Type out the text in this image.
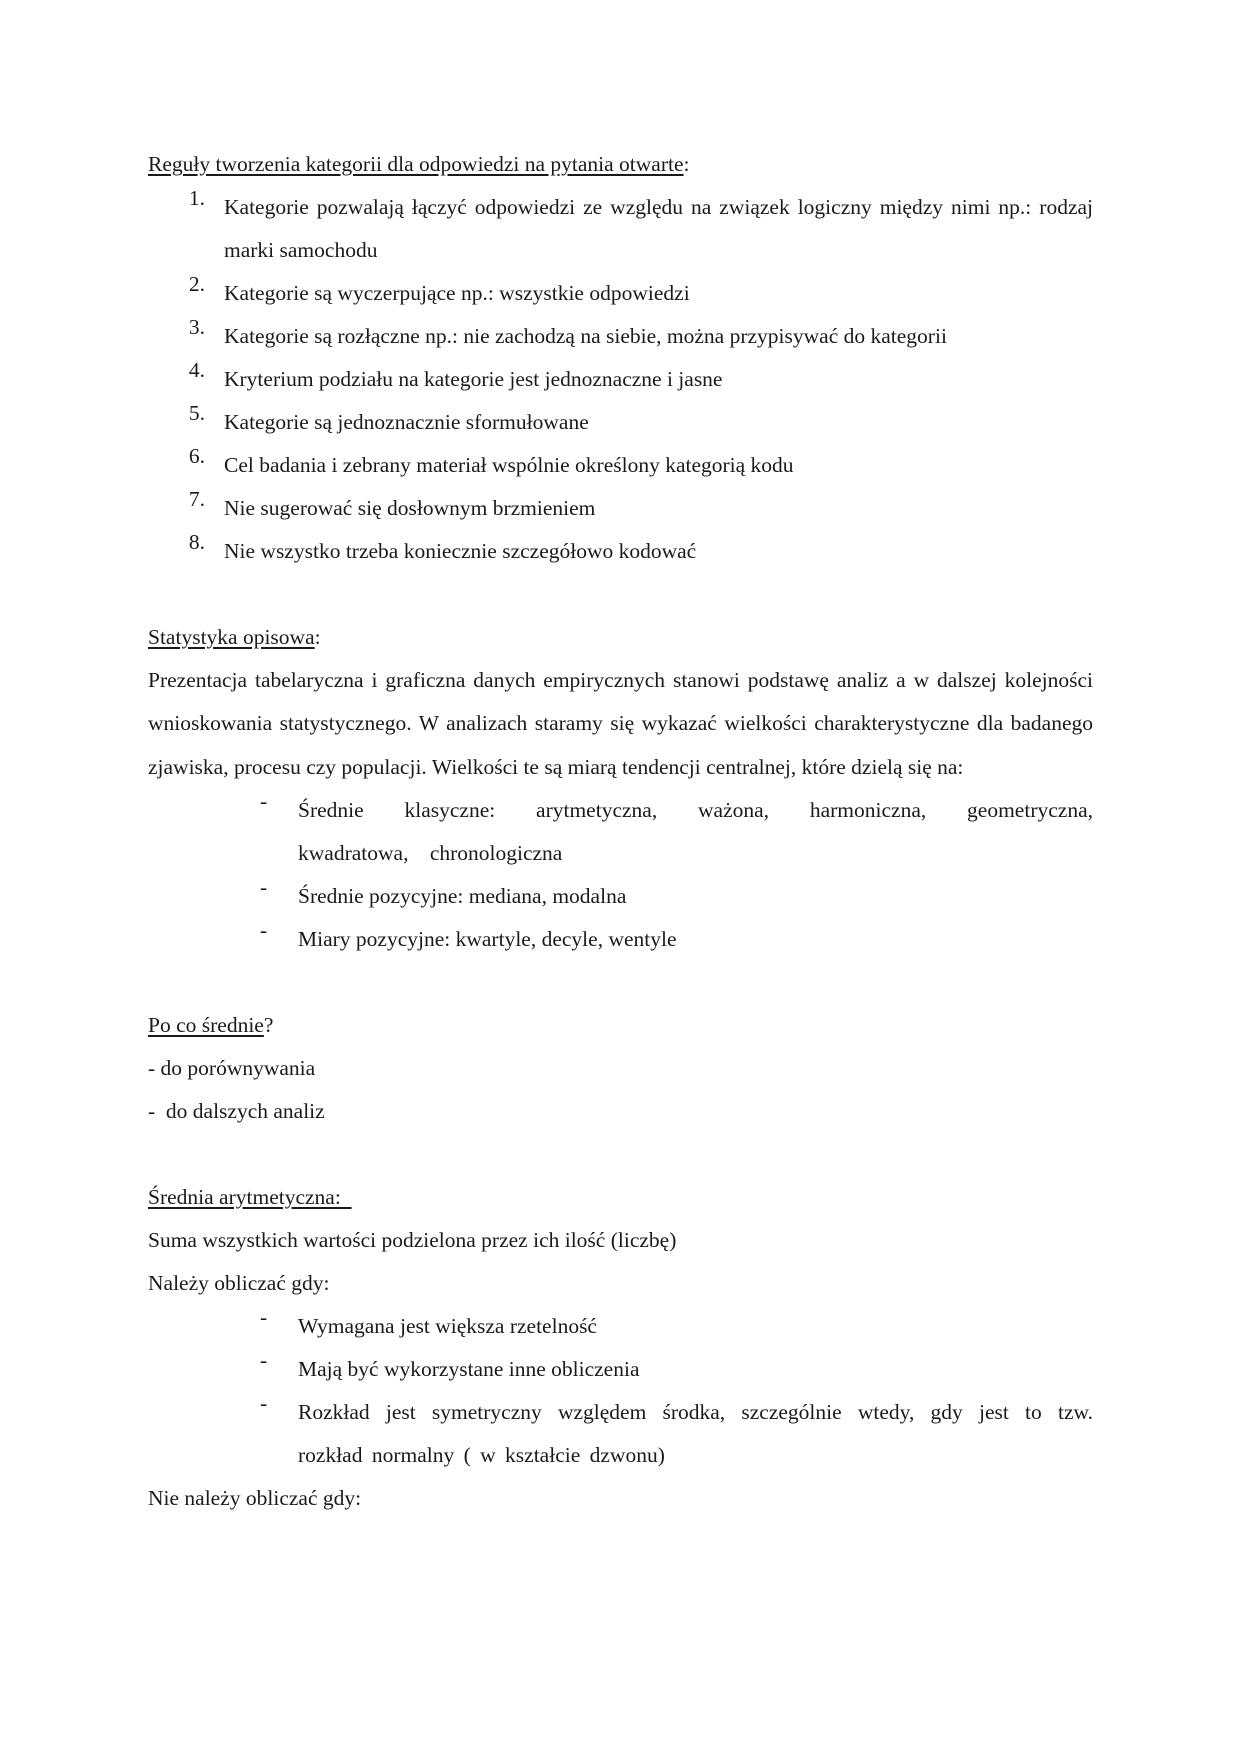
Reguły tworzenia kategorii dla odpowiedzi na pytania otwarte:
1. Kategorie pozwalają łączyć odpowiedzi ze względu na związek logiczny między nimi np.: rodzaj marki samochodu
2. Kategorie są wyczerpujące np.: wszystkie odpowiedzi
3. Kategorie są rozłączne np.: nie zachodzą na siebie, można przypisywać do kategorii
4. Kryterium podziału na kategorie jest jednoznaczne i jasne
5. Kategorie są jednoznacznie sformułowane
6. Cel badania i zebrany materiał wspólnie określony kategorią kodu
7. Nie sugerować się dosłownym brzmieniem
8. Nie wszystko trzeba koniecznie szczegółowo kodować
Statystyka opisowa:
Prezentacja tabelaryczna i graficzna danych empirycznych stanowi podstawę analiz a w dalszej kolejności wnioskowania statystycznego. W analizach staramy się wykazać wielkości charakterystyczne dla badanego zjawiska, procesu czy populacji. Wielkości te są miarą tendencji centralnej, które dzielą się na:
-	Średnie klasyczne: arytmetyczna, ważona, harmoniczna, geometryczna, kwadratowa, chronologiczna
-	Średnie pozycyjne: mediana, modalna
-	Miary pozycyjne: kwartyle, decyle, wentyle
Po co średnie?
- do porównywania
-  do dalszych analiz
Średnia arytmetyczna:
Suma wszystkich wartości podzielona przez ich ilość (liczbę)
Należy obliczać gdy:
-	Wymagana jest większa rzetelność
-	Mają być wykorzystane inne obliczenia
-	Rozkład jest symetryczny względem środka, szczególnie wtedy, gdy jest to tzw. rozkład normalny ( w kształcie dzwonu)
Nie należy obliczać gdy:
